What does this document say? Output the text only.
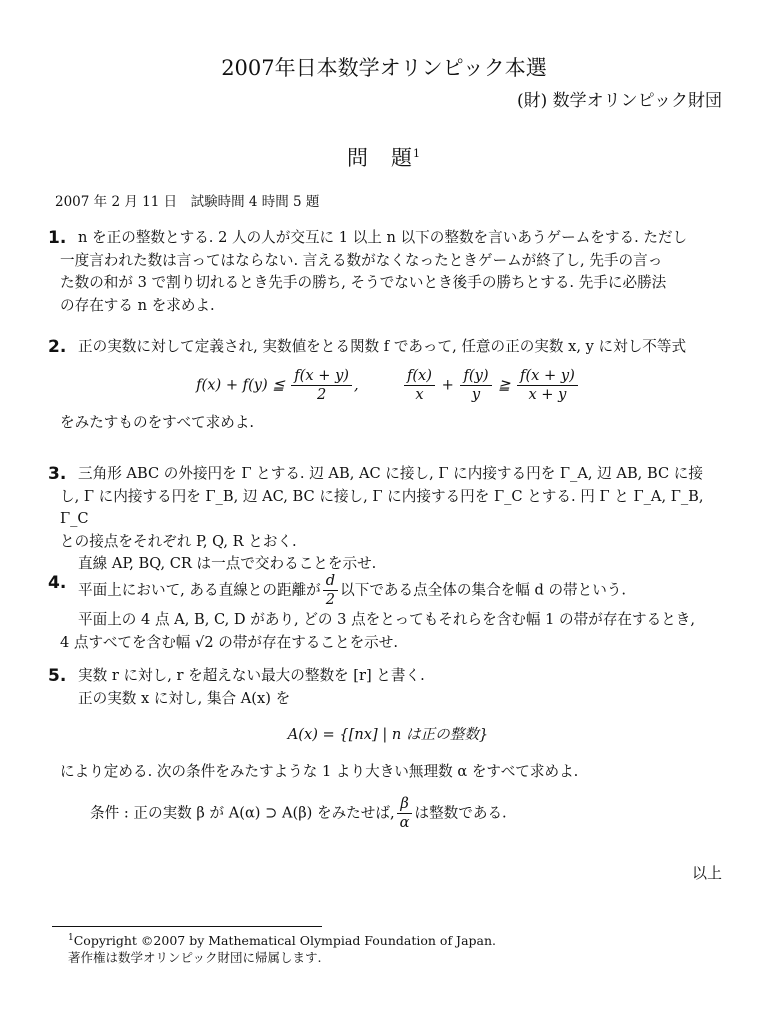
2007年日本数学オリンピック本選
(財) 数学オリンピック財団
問　題$^1$
2007 年 2 月 11 日　試験時間 4 時間 5 題
1. n を正の整数とする. 2 人の人が交互に 1 以上 n 以下の整数を言いあうゲームをする. ただし

一度言われた数は言ってはならない. 言える数がなくなったときゲームが終了し, 先手の言っ

た数の和が 3 で割り切れるとき先手の勝ち, そうでないとき後手の勝ちとする. 先手に必勝法

の存在する n を求めよ.

2. 正の実数に対して定義され, 実数値をとる関数 f であって, 任意の正の実数 x, y に対し不等式

f(x) + f(y) ≦ $\frac{f(x + y)}{2}$ ,	$\frac{f(x)}{x} + \frac{f(y)}{y}$ ≧ $\frac{f(x + y)}{x + y}$

をみたすものをすべて求めよ.

3. 三角形 ABC の外接円を Γ とする. 辺 AB, AC に接し, Γ に内接する円を Γ_A, 辺 AB, BC に接

し, Γ に内接する円を Γ_B, 辺 AC, BC に接し, Γ に内接する円を Γ_C とする. 円 Γ と Γ_A, Γ_B, Γ_C

との接点をそれぞれ P, Q, R とおく.

直線 AP, BQ, CR は一点で交わることを示せ.

4. 平面上において, ある直線との距離が $\frac{d}{2}$ 以下である点全体の集合を幅 d の帯という.

平面上の 4 点 A, B, C, D があり, どの 3 点をとってもそれらを含む幅 1 の帯が存在するとき,

4 点すべてを含む幅 √2 の帯が存在することを示せ.

5. 実数 r に対し, r を超えない最大の整数を [r] と書く.

正の実数 x に対し, 集合 A(x) を

A(x) = {[nx] | n は正の整数}

により定める. 次の条件をみたすような 1 より大きい無理数 α をすべて求めよ.

条件 : 正の実数 β が A(α) ⊃ A(β) をみたせば, $\frac{\beta}{\alpha}$ は整数である.

以上
$^1$Copyright ©2007 by Mathematical Olympiad Foundation of Japan.
著作権は数学オリンピック財団に帰属します.
